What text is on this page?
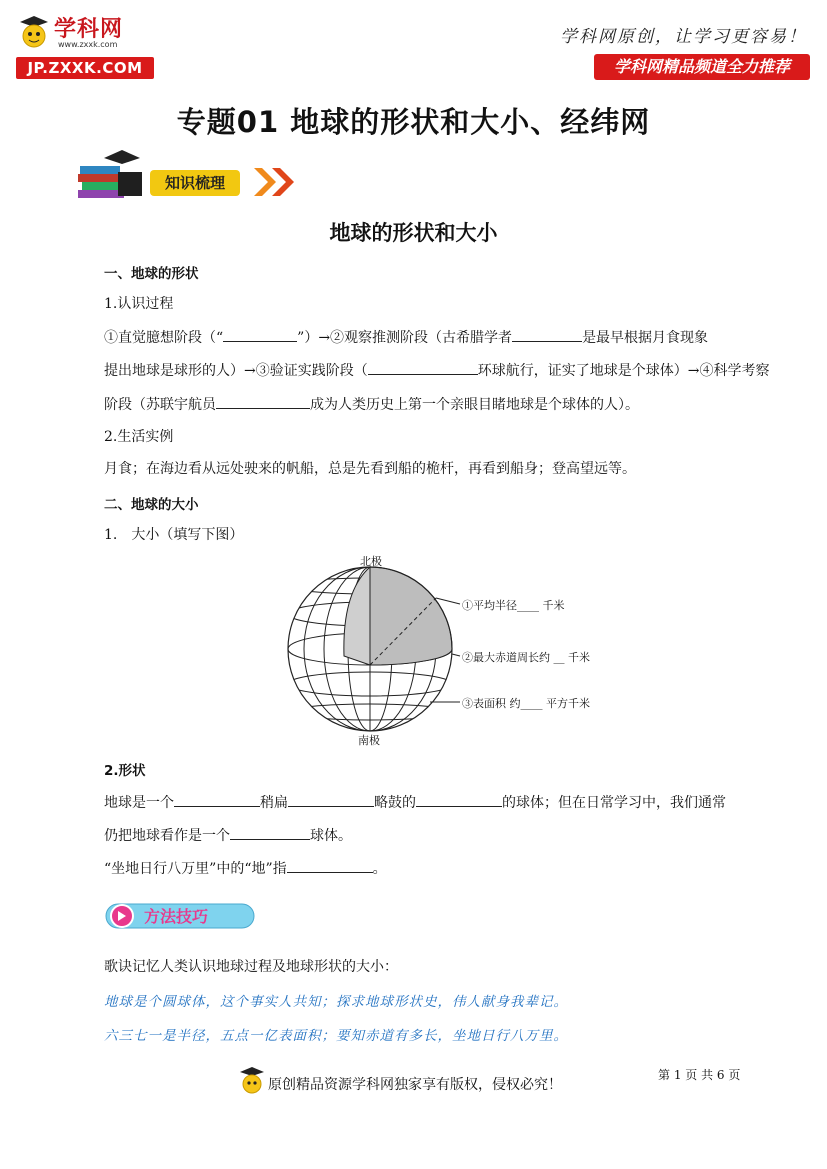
学科网
www.zxxk.com
JP.ZXXK.COM
学科网原创，让学习更容易！
学科网精品频道全力推荐
专题01 地球的形状和大小、经纬网
知识梳理
地球的形状和大小
一、地球的形状
1.认识过程
①直觉臆想阶段（“	”）→②观察推测阶段（古希腊学者	是最早根据月食现象
提出地球是球形的人）→③验证实践阶段（	环球航行，证实了地球是个球体）→④科学考察
阶段（苏联宇航员	成为人类历史上第一个亲眼目睹地球是个球体的人）。
2.生活实例
月食；在海边看从远处驶来的帆船，总是先看到船的桅杆，再看到船身；登高望远等。
二、地球的大小
1.　大小（填写下图）
北极
南极
①平均半径____ 千米
②最大赤道周长约 __ 千米
③表面积 约____ 平方千米
2.形状
地球是一个	稍扁	略鼓的	的球体；但在日常学习中，我们通常
仍把地球看作是一个	球体。
“坐地日行八万里”中的“地”指	。
方法技巧
歌诀记忆人类认识地球过程及地球形状的大小：
地球是个圆球体，这个事实人共知；探求地球形状史，伟人献身我辈记。
六三七一是半径，五点一亿表面积；要知赤道有多长，坐地日行八万里。
原创精品资源学科网独家享有版权，侵权必究！
第 1 页 共 6 页
